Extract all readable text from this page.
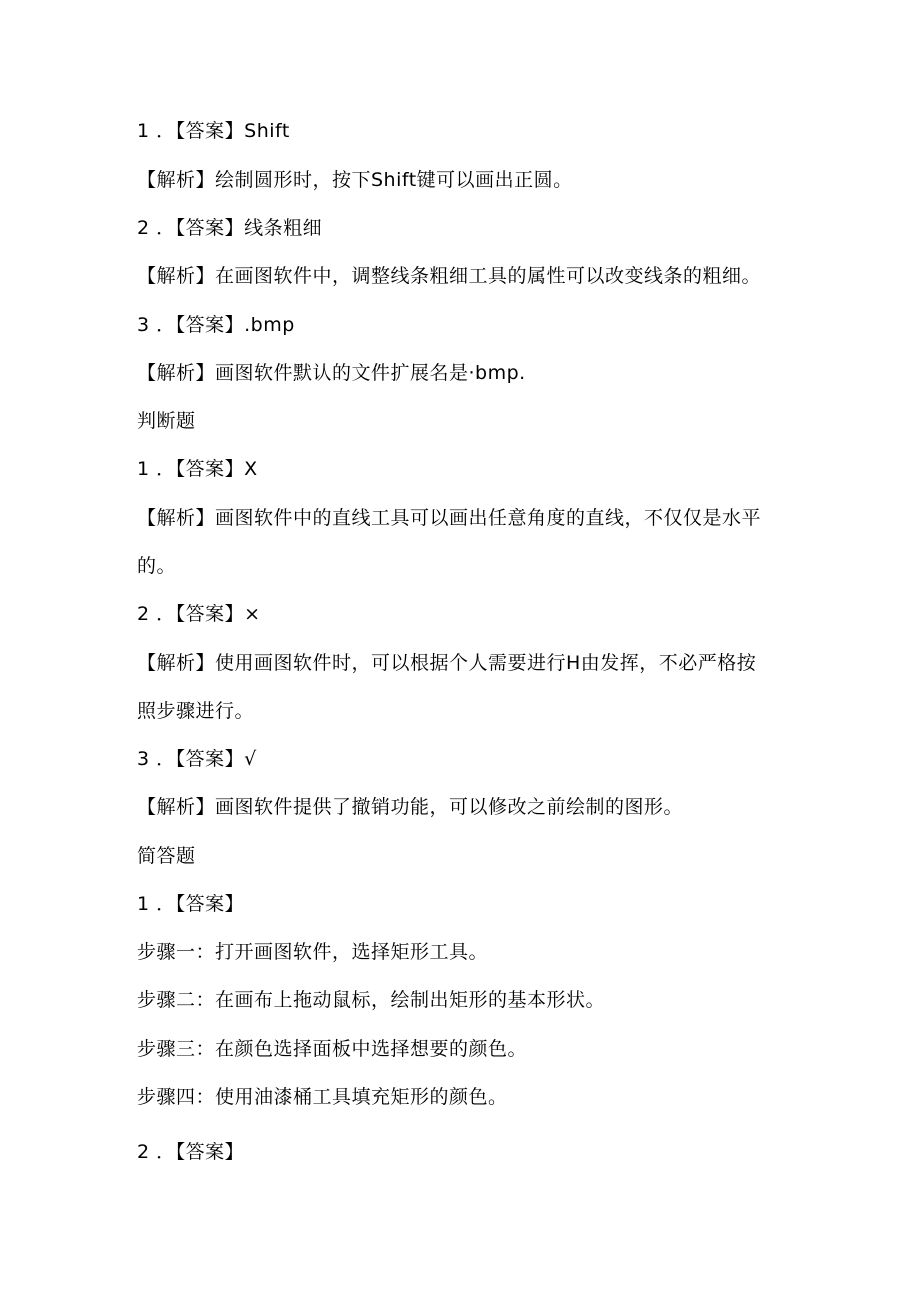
1 ．【答案】Shift
【解析】绘制圆形时，按下Shift键可以画出正圆。
2 ．【答案】线条粗细
【解析】在画图软件中，调整线条粗细工具的属性可以改变线条的粗细。
3 ．【答案】.bmp
【解析】画图软件默认的文件扩展名是·bmp.
判断题
1 ．【答案】X
【解析】画图软件中的直线工具可以画出任意角度的直线，不仅仅是水平
的。
2 ．【答案】×
【解析】使用画图软件时，可以根据个人需要进行H由发挥，不必严格按
照步骤进行。
3 ．【答案】√
【解析】画图软件提供了撤销功能，可以修改之前绘制的图形。
简答题
1 ．【答案】
步骤一：打开画图软件，选择矩形工具。
步骤二：在画布上拖动鼠标，绘制出矩形的基本形状。
步骤三：在颜色选择面板中选择想要的颜色。
步骤四：使用油漆桶工具填充矩形的颜色。
2 ．【答案】
